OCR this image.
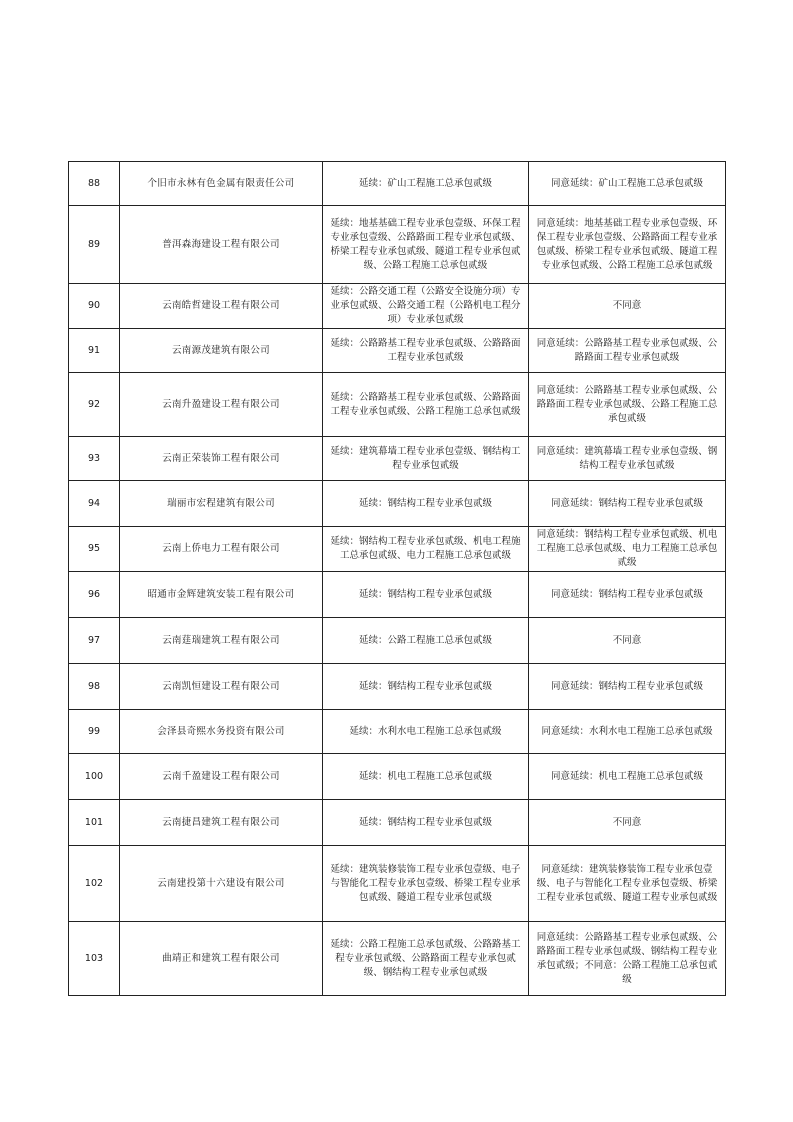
88	个旧市永林有色金属有限责任公司	延续：矿山工程施工总承包贰级	同意延续：矿山工程施工总承包贰级
89	普洱森海建设工程有限公司	延续：地基基础工程专业承包壹级、环保工程专业承包壹级、公路路面工程专业承包贰级、桥梁工程专业承包贰级、隧道工程专业承包贰级、公路工程施工总承包贰级	同意延续：地基基础工程专业承包壹级、环保工程专业承包壹级、公路路面工程专业承包贰级、桥梁工程专业承包贰级、隧道工程专业承包贰级、公路工程施工总承包贰级
90	云南皓哲建设工程有限公司	延续：公路交通工程（公路安全设施分项）专业承包贰级、公路交通工程（公路机电工程分项）专业承包贰级	不同意
91	云南源茂建筑有限公司	延续：公路路基工程专业承包贰级、公路路面工程专业承包贰级	同意延续：公路路基工程专业承包贰级、公路路面工程专业承包贰级
92	云南升盈建设工程有限公司	延续：公路路基工程专业承包贰级、公路路面工程专业承包贰级、公路工程施工总承包贰级	同意延续：公路路基工程专业承包贰级、公路路面工程专业承包贰级、公路工程施工总承包贰级
93	云南正荣装饰工程有限公司	延续：建筑幕墙工程专业承包壹级、钢结构工程专业承包贰级	同意延续：建筑幕墙工程专业承包壹级、钢结构工程专业承包贰级
94	瑞丽市宏程建筑有限公司	延续：钢结构工程专业承包贰级	同意延续：钢结构工程专业承包贰级
95	云南上侨电力工程有限公司	延续：钢结构工程专业承包贰级、机电工程施工总承包贰级、电力工程施工总承包贰级	同意延续：钢结构工程专业承包贰级、机电工程施工总承包贰级、电力工程施工总承包贰级
96	昭通市金辉建筑安装工程有限公司	延续：钢结构工程专业承包贰级	同意延续：钢结构工程专业承包贰级
97	云南莛瑞建筑工程有限公司	延续：公路工程施工总承包贰级	不同意
98	云南凯恒建设工程有限公司	延续：钢结构工程专业承包贰级	同意延续：钢结构工程专业承包贰级
99	会泽县奇熙水务投资有限公司	延续：水利水电工程施工总承包贰级	同意延续：水利水电工程施工总承包贰级
100	云南千盈建设工程有限公司	延续：机电工程施工总承包贰级	同意延续：机电工程施工总承包贰级
101	云南捷昌建筑工程有限公司	延续：钢结构工程专业承包贰级	不同意
102	云南建投第十六建设有限公司	延续：建筑装修装饰工程专业承包壹级、电子与智能化工程专业承包壹级、桥梁工程专业承包贰级、隧道工程专业承包贰级	同意延续：建筑装修装饰工程专业承包壹级、电子与智能化工程专业承包壹级、桥梁工程专业承包贰级、隧道工程专业承包贰级
103	曲靖正和建筑工程有限公司	延续：公路工程施工总承包贰级、公路路基工程专业承包贰级、公路路面工程专业承包贰级、钢结构工程专业承包贰级	同意延续：公路路基工程专业承包贰级、公路路面工程专业承包贰级、钢结构工程专业承包贰级；不同意：公路工程施工总承包贰级
